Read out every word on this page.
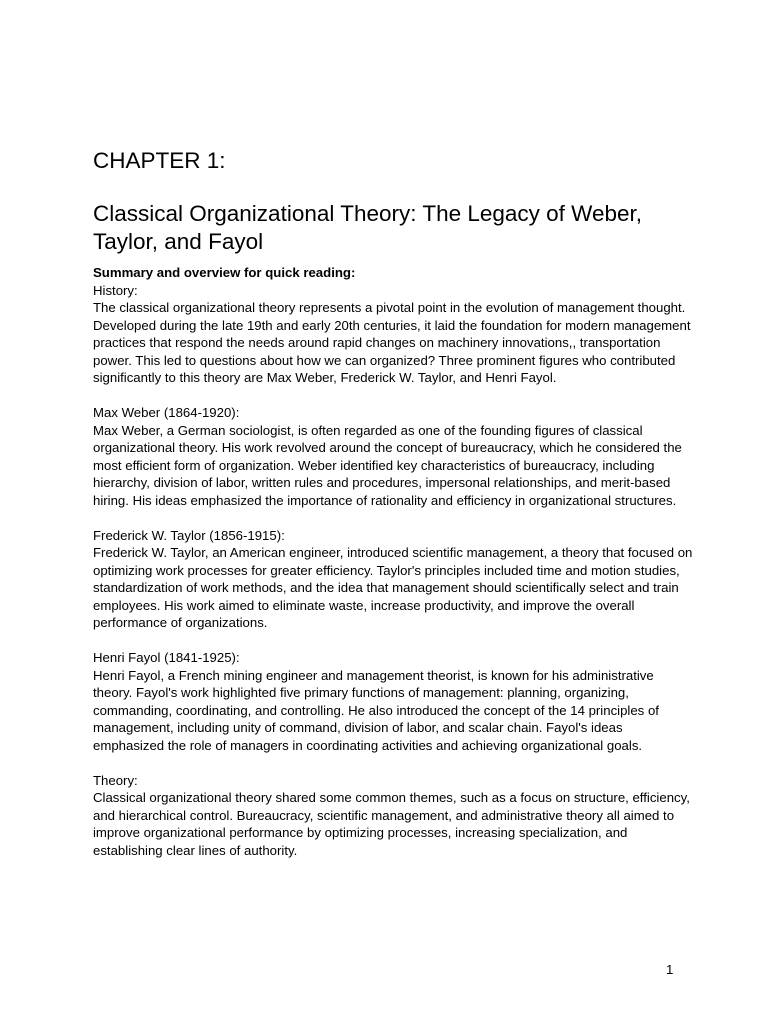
CHAPTER 1:
Classical Organizational Theory: The Legacy of Weber, Taylor, and Fayol

Summary and overview for quick reading:

History:
The classical organizational theory represents a pivotal point in the evolution of management thought. Developed during the late 19th and early 20th centuries, it laid the foundation for modern management practices that respond the needs around rapid changes on machinery innovations,, transportation power. This led to questions about how we can organized? Three prominent figures who contributed significantly to this theory are Max Weber, Frederick W. Taylor, and Henri Fayol.

Max Weber (1864-1920):
Max Weber, a German sociologist, is often regarded as one of the founding figures of classical organizational theory. His work revolved around the concept of bureaucracy, which he considered the most efficient form of organization. Weber identified key characteristics of bureaucracy, including hierarchy, division of labor, written rules and procedures, impersonal relationships, and merit-based hiring. His ideas emphasized the importance of rationality and efficiency in organizational structures.

Frederick W. Taylor (1856-1915):
Frederick W. Taylor, an American engineer, introduced scientific management, a theory that focused on optimizing work processes for greater efficiency. Taylor's principles included time and motion studies, standardization of work methods, and the idea that management should scientifically select and train employees. His work aimed to eliminate waste, increase productivity, and improve the overall performance of organizations.

Henri Fayol (1841-1925):
Henri Fayol, a French mining engineer and management theorist, is known for his administrative theory. Fayol's work highlighted five primary functions of management: planning, organizing, commanding, coordinating, and controlling. He also introduced the concept of the 14 principles of management, including unity of command, division of labor, and scalar chain. Fayol's ideas emphasized the role of managers in coordinating activities and achieving organizational goals.

Theory:
Classical organizational theory shared some common themes, such as a focus on structure, efficiency, and hierarchical control. Bureaucracy, scientific management, and administrative theory all aimed to improve organizational performance by optimizing processes, increasing specialization, and establishing clear lines of authority.

1
